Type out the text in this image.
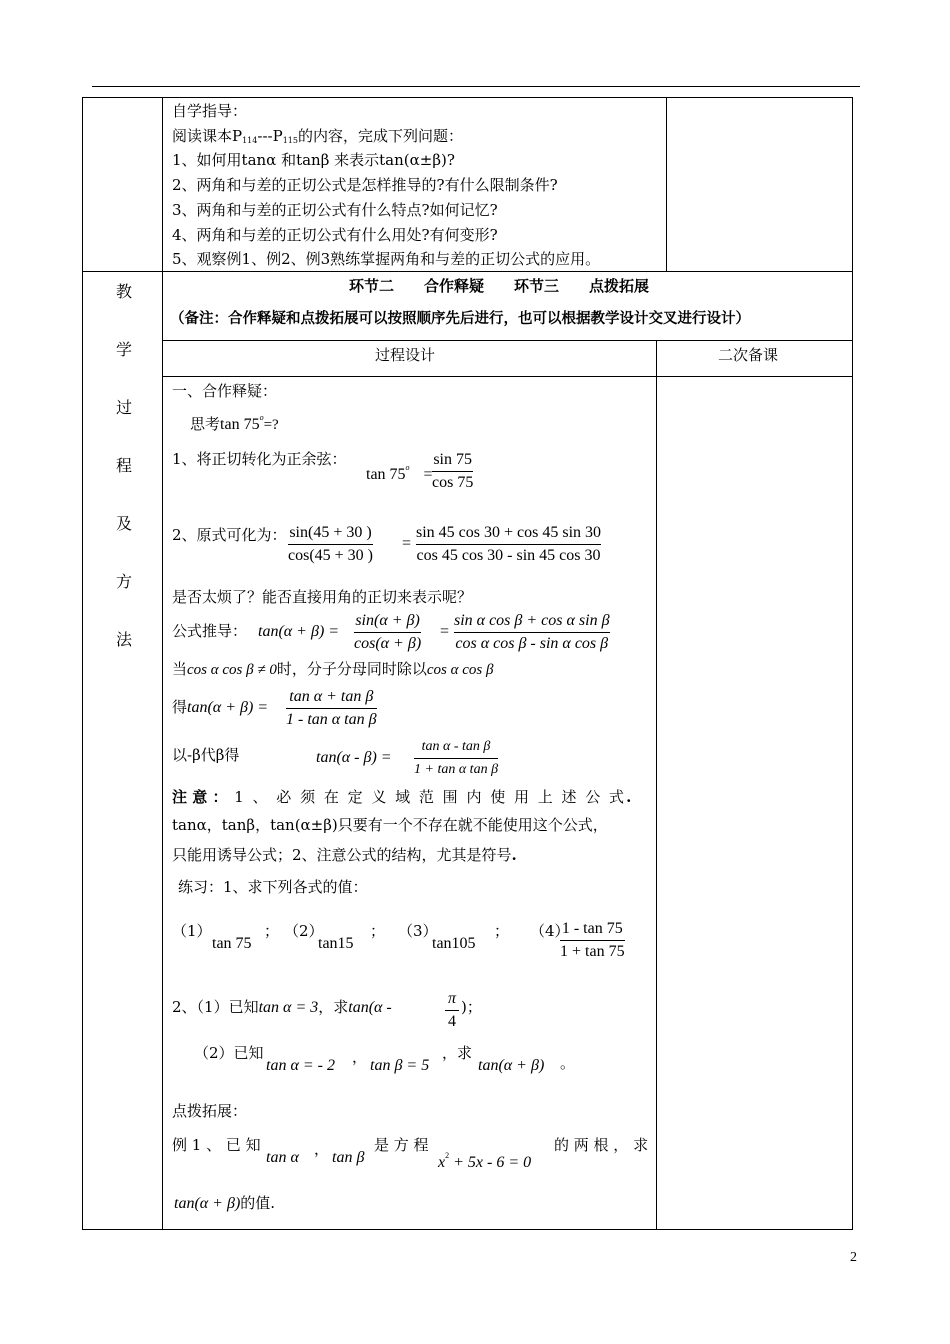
自学指导：
阅读课本$P_{114}---P_{115}$的内容，完成下列问题：
1、如何用tanα 和tanβ 来表示tan(α±β)?
2、两角和与差的正切公式是怎样推导的?有什么限制条件?
3、两角和与差的正切公式有什么特点?如何记忆?
4、两角和与差的正切公式有什么用处?有何变形?
5、观察例1、例2、例3熟练掌握两角和与差的正切公式的应用。
教
学
过
程
及
方
法
环节二　　合作释疑　　环节三　　点拨拓展
（备注：合作释疑和点拨拓展可以按照顺序先后进行，也可以根据教学设计交叉进行设计）
过程设计	二次备课
一、合作释疑：
思考$\tan 75^o=$?
1、将正切转化为正余弦：
$\tan 75^o = \frac{\sin 75}{\cos 75}$
2、原式可化为： $\frac{\sin(45 + 30 )}{\cos(45 + 30 )} = \frac{\sin 45 \cos 30 + \cos 45 \sin 30}{\cos 45 \cos 30 - \sin 45 \cos 30}$
是否太烦了？能否直接用角的正切来表示呢？
公式推导： $\tan(\alpha + \beta) = \frac{\sin(\alpha + \beta)}{\cos(\alpha + \beta)} = \frac{\text{sin α cos β + cos α sin β}}{\text{cos α cos β - sin α cos β}}$
当cos α cos β ≠ 0时，分子分母同时除以cos α cos β
得$\tan(\alpha + \beta) = \frac{\text{tan α + tan β}}{\text{1 - tan α tan β}}$
以-β代β得	$\tan(\alpha - \beta) = \frac{\text{tan α - tan β}}{\text{1 + tan α tan β}}$
注 意 ： 1 、 必 须 在 定 义 域 范 围 内 使 用 上 述 公 式.
tanα，tanβ，tan(α±β)只要有一个不存在就不能使用这个公式，
只能用诱导公式；2、注意公式的结构，尤其是符号.
练习：1、求下列各式的值：
（1）
tan 75
； （2）
tan15
； （3）
tan105
； （4）
$\frac{1 - \tan 75}{1 + \tan 75}$
2、（1）已知tan α = 3，求tan(α -	$\frac{\pi}{4}$ )；
（2）已知
tan α = - 2 ， tan β = 5
，求
tan(α + β) 。
点拨拓展：
例 1 、 已 知
tan α ， tan β
是 方 程
$x^2 + 5x - 6 = 0$
的 两 根 ， 求
tan(α + β)的值.
2
